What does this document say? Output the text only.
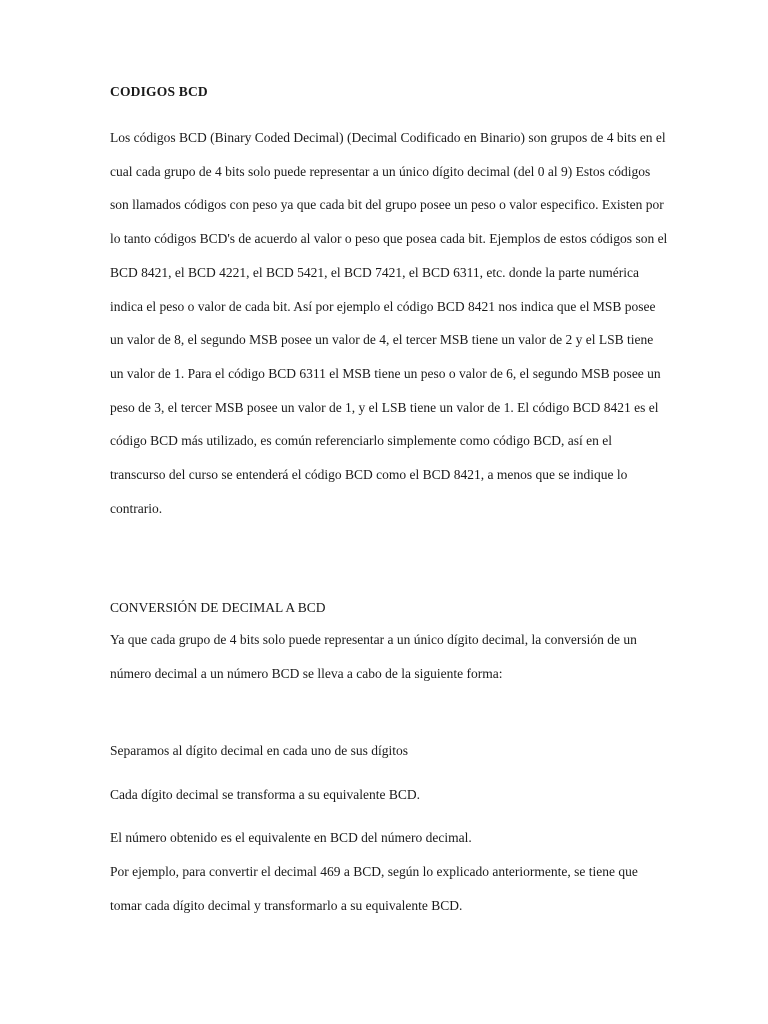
CODIGOS BCD

Los códigos BCD (Binary Coded Decimal) (Decimal Codificado en Binario) son grupos de 4 bits en el cual cada grupo de 4 bits solo puede representar a un único dígito decimal (del 0 al 9) Estos códigos son llamados códigos con peso ya que cada bit del grupo posee un peso o valor especifico. Existen por lo tanto códigos BCD's de acuerdo al valor o peso que posea cada bit. Ejemplos de estos códigos son el BCD 8421, el BCD 4221, el BCD 5421, el BCD 7421, el BCD 6311, etc. donde la parte numérica indica el peso o valor de cada bit. Así por ejemplo el código BCD 8421 nos indica que el MSB posee un valor de 8, el segundo MSB posee un valor de 4, el tercer MSB tiene un valor de 2 y el LSB tiene un valor de 1. Para el código BCD 6311 el MSB tiene un peso o valor de 6, el segundo MSB posee un peso de 3, el tercer MSB posee un valor de 1, y el LSB tiene un valor de 1. El código BCD 8421 es el código BCD más utilizado, es común referenciarlo simplemente como código BCD, así en el transcurso del curso se entenderá el código BCD como el BCD 8421, a menos que se indique lo contrario.

CONVERSIÓN DE DECIMAL A BCD

Ya que cada grupo de 4 bits solo puede representar a un único dígito decimal, la conversión de un número decimal a un número BCD se lleva a cabo de la siguiente forma:

Separamos al dígito decimal en cada uno de sus dígitos

Cada dígito decimal se transforma a su equivalente BCD.

El número obtenido es el equivalente en BCD del número decimal.

Por ejemplo, para convertir el decimal 469 a BCD, según lo explicado anteriormente, se tiene que tomar cada dígito decimal y transformarlo a su equivalente BCD.
